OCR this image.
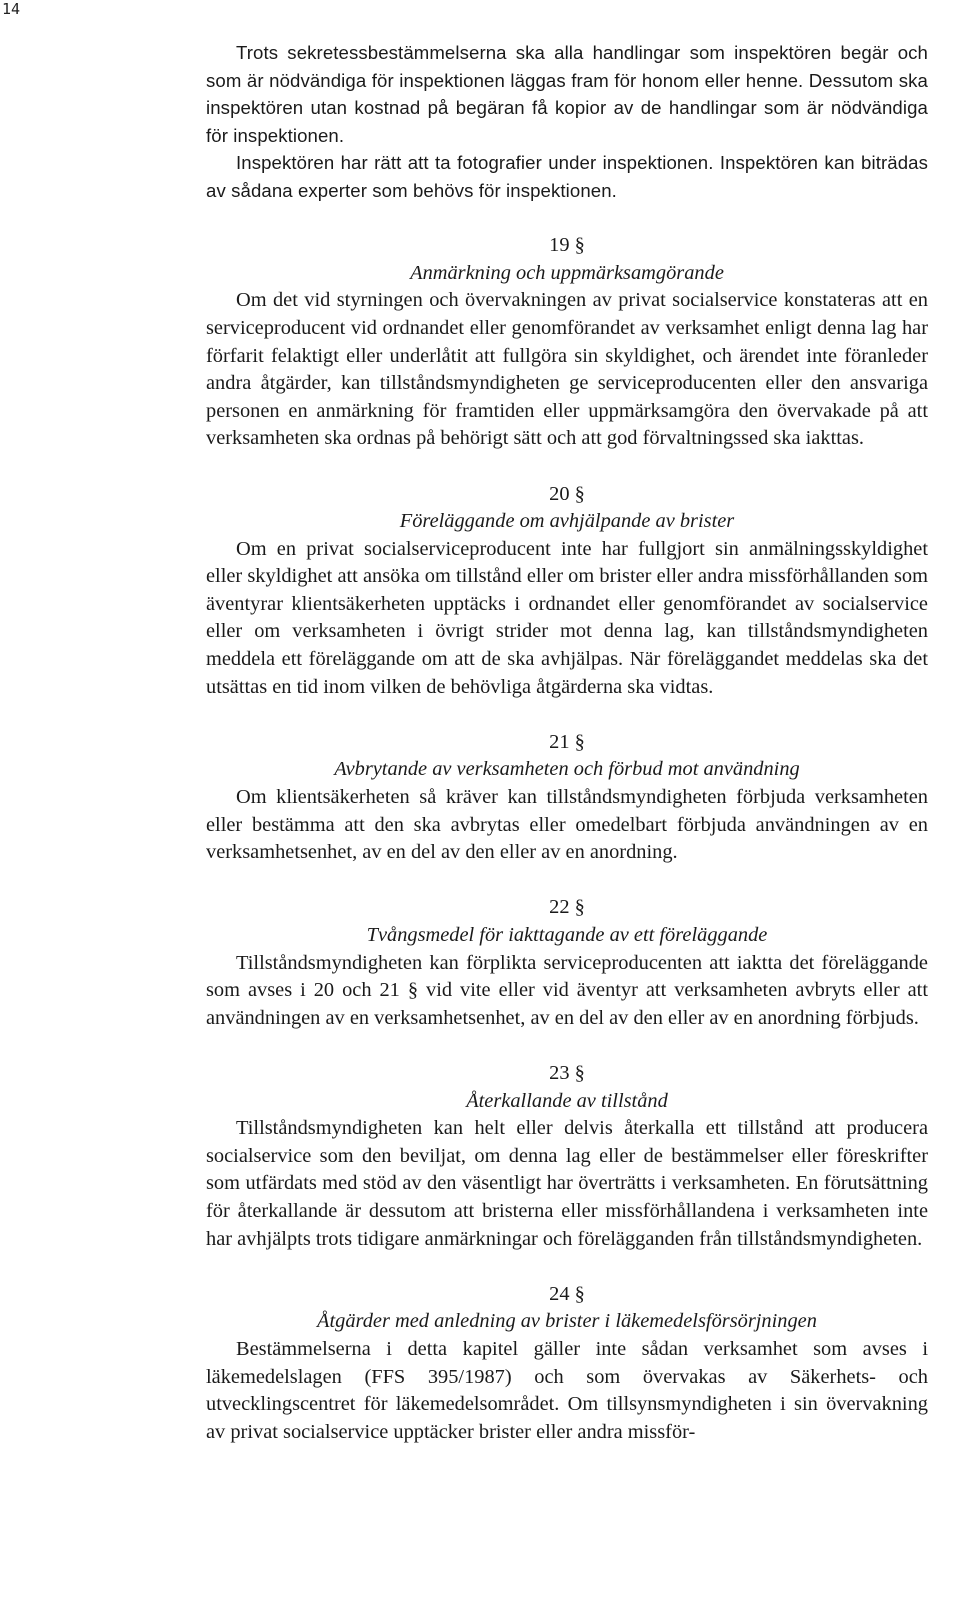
14

Trots sekretessbestämmelserna ska alla handlingar som inspektören begär och som är nödvändiga för inspektionen läggas fram för honom eller henne. Dessutom ska inspektören utan kostnad på begäran få kopior av de handlingar som är nödvändiga för inspektionen.

Inspektören har rätt att ta fotografier under inspektionen. Inspektören kan biträdas av sådana experter som behövs för inspektionen.

19 §

Anmärkning och uppmärksamgörande

Om det vid styrningen och övervakningen av privat socialservice konstateras att en serviceproducent vid ordnandet eller genomförandet av verksamhet enligt denna lag har förfarit felaktigt eller underlåtit att fullgöra sin skyldighet, och ärendet inte föranleder andra åtgärder, kan tillståndsmyndigheten ge serviceproducenten eller den ansvariga personen en anmärkning för framtiden eller uppmärksamgöra den övervakade på att verksamheten ska ordnas på behörigt sätt och att god förvaltningssed ska iakttas.

20 §

Föreläggande om avhjälpande av brister

Om en privat socialserviceproducent inte har fullgjort sin anmälningsskyldighet eller skyldighet att ansöka om tillstånd eller om brister eller andra missförhållanden som äventyrar klientsäkerheten upptäcks i ordnandet eller genomförandet av socialservice eller om verksamheten i övrigt strider mot denna lag, kan tillståndsmyndigheten meddela ett föreläggande om att de ska avhjälpas. När föreläggandet meddelas ska det utsättas en tid inom vilken de behövliga åtgärderna ska vidtas.

21 §

Avbrytande av verksamheten och förbud mot användning

Om klientsäkerheten så kräver kan tillståndsmyndigheten förbjuda verksamheten eller bestämma att den ska avbrytas eller omedelbart förbjuda användningen av en verksamhetsenhet, av en del av den eller av en anordning.

22 §

Tvångsmedel för iakttagande av ett föreläggande

Tillståndsmyndigheten kan förplikta serviceproducenten att iaktta det föreläggande som avses i 20 och 21 § vid vite eller vid äventyr att verksamheten avbryts eller att användningen av en verksamhetsenhet, av en del av den eller av en anordning förbjuds.

23 §

Återkallande av tillstånd

Tillståndsmyndigheten kan helt eller delvis återkalla ett tillstånd att producera socialservice som den beviljat, om denna lag eller de bestämmelser eller föreskrifter som utfärdats med stöd av den väsentligt har överträtts i verksamheten. En förutsättning för återkallande är dessutom att bristerna eller missförhållandena i verksamheten inte har avhjälpts trots tidigare anmärkningar och förelägganden från tillståndsmyndigheten.

24 §

Åtgärder med anledning av brister i läkemedelsförsörjningen

Bestämmelserna i detta kapitel gäller inte sådan verksamhet som avses i läkemedelslagen (FFS 395/1987) och som övervakas av Säkerhets- och utvecklingscentret för läkemedelsområdet. Om tillsynsmyndigheten i sin övervakning av privat socialservice upptäcker brister eller andra missför-
